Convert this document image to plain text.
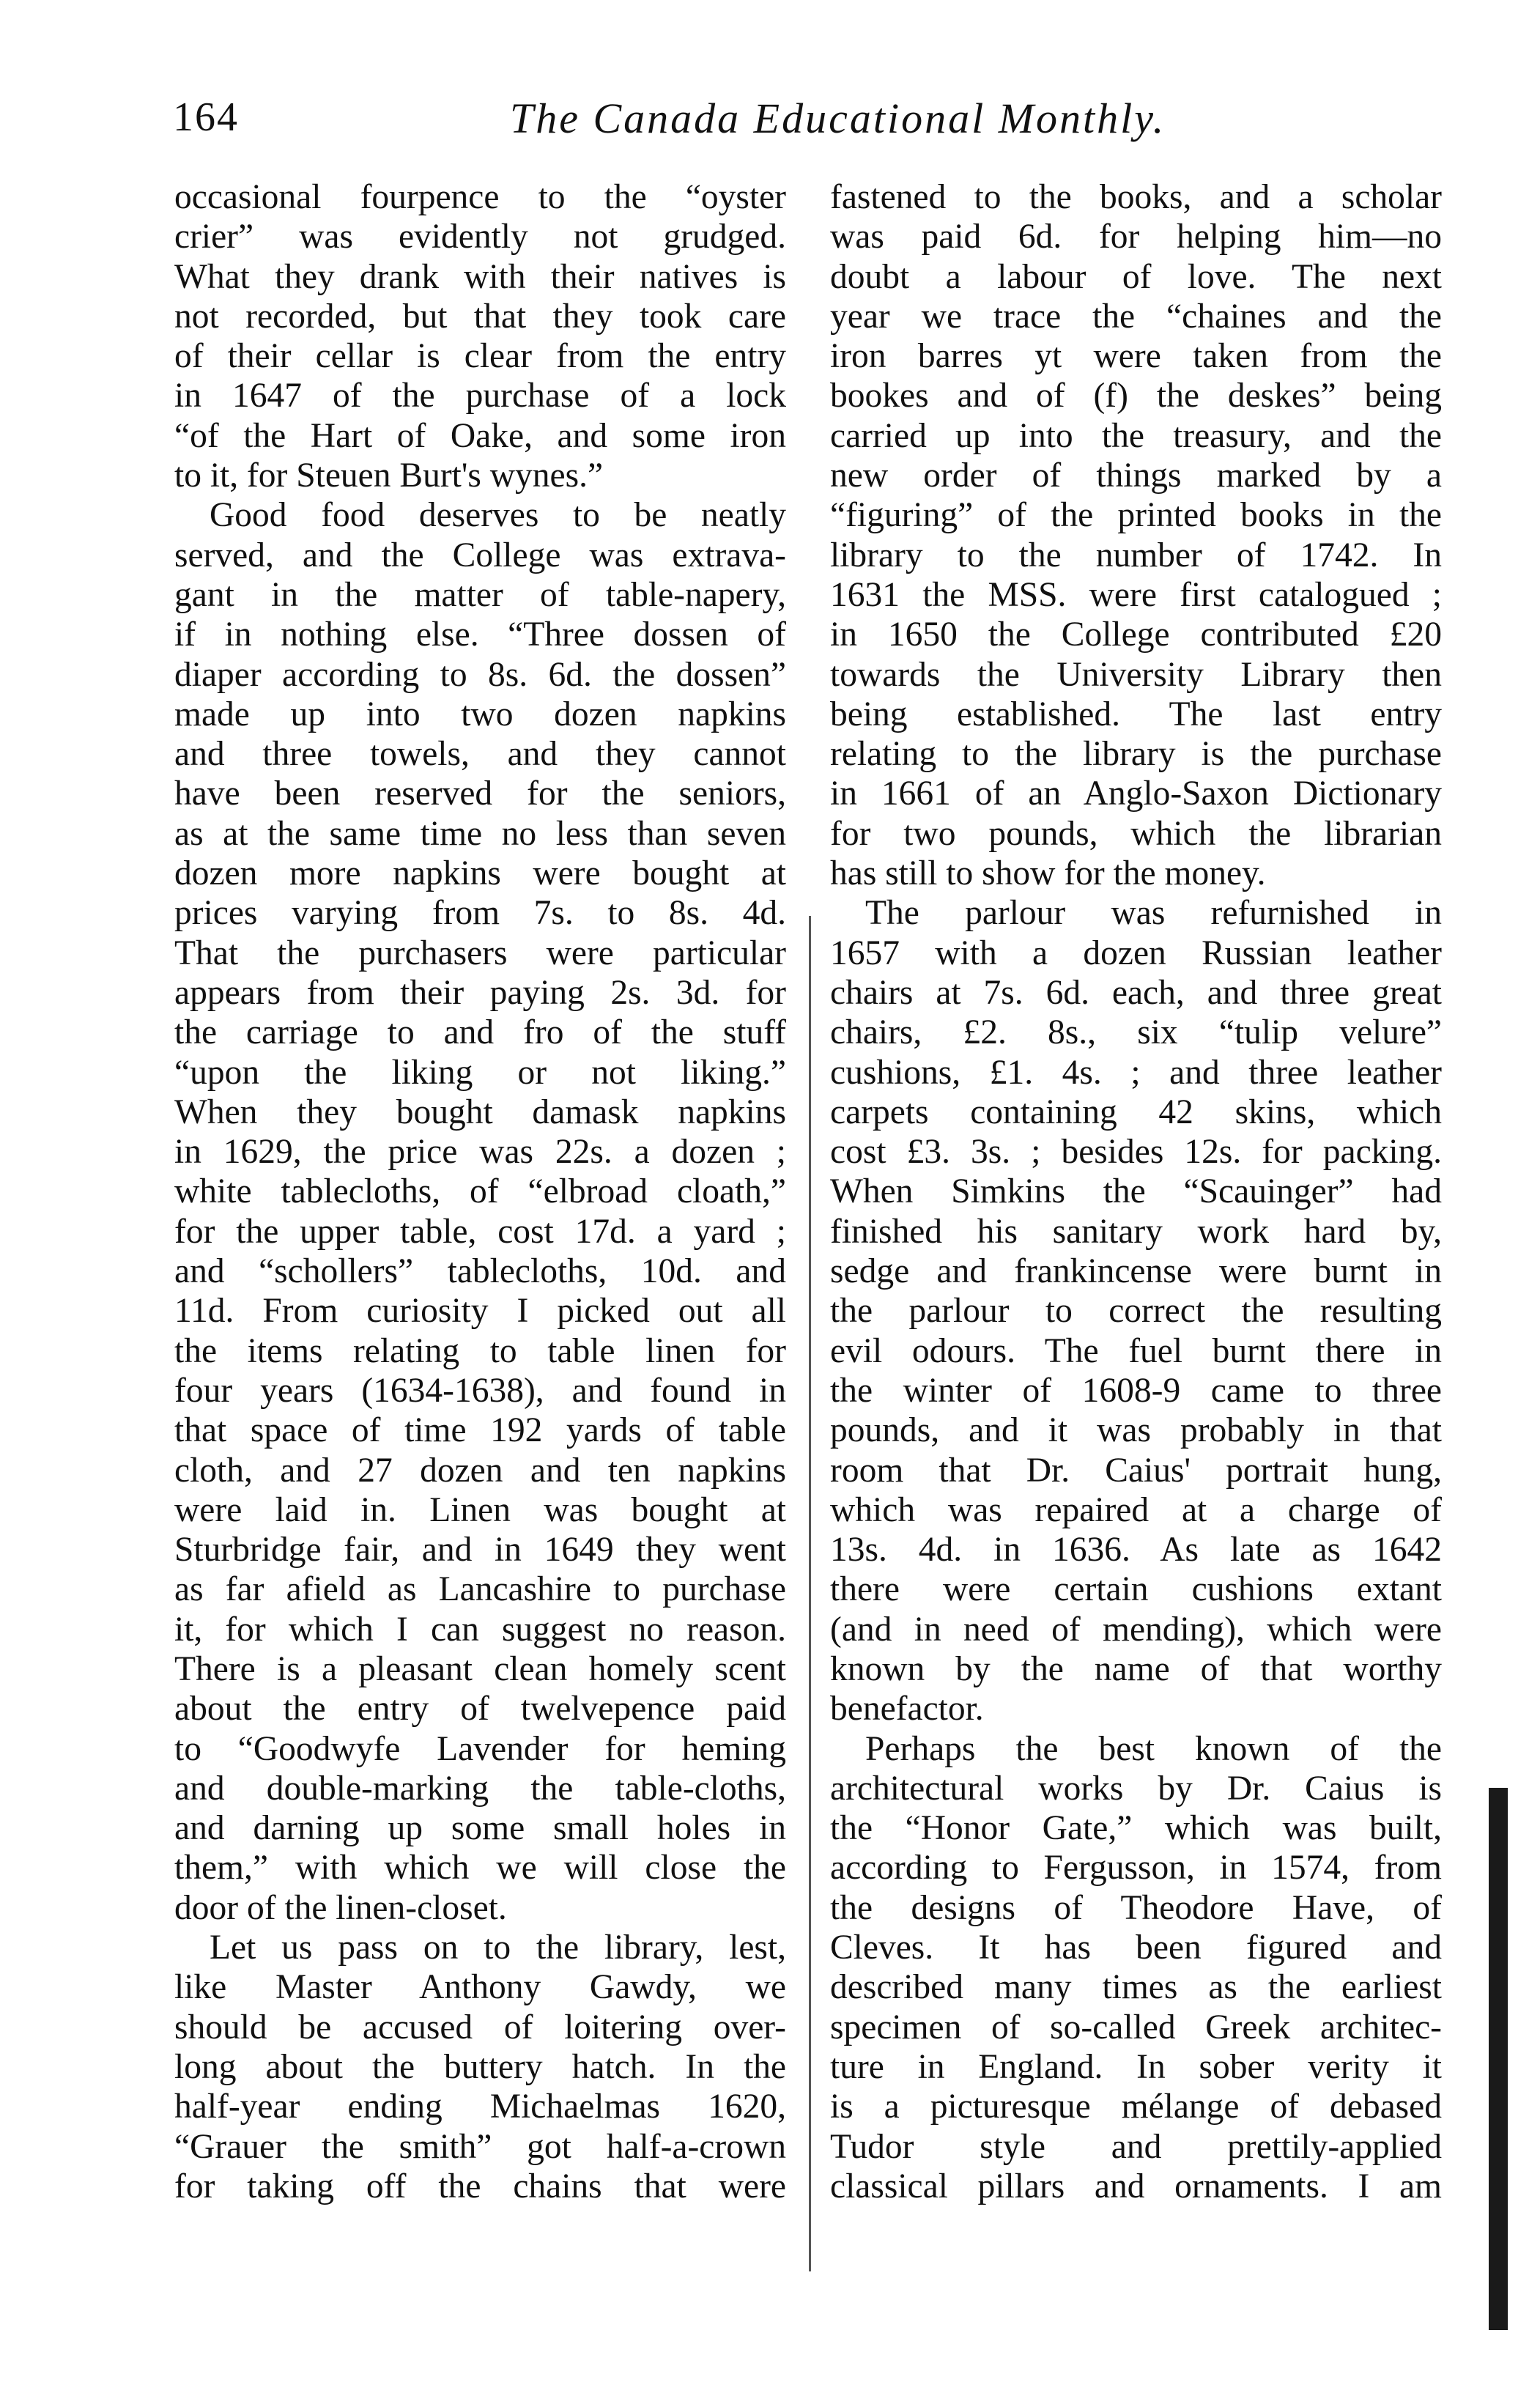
164	The Canada Educational Monthly.
occasional fourpence to the “oyster
crier” was evidently not grudged.
What they drank with their natives is
not recorded, but that they took care
of their cellar is clear from the entry
in 1647 of the purchase of a lock
“of the Hart of Oake, and some iron
to it, for Steuen Burt's wynes.”
Good food deserves to be neatly
served, and the College was extrava-
gant in the matter of table-napery,
if in nothing else. “Three dossen of
diaper according to 8s. 6d. the dossen”
made up into two dozen napkins
and three towels, and they cannot
have been reserved for the seniors,
as at the same time no less than seven
dozen more napkins were bought at
prices varying from 7s. to 8s. 4d.
That the purchasers were particular
appears from their paying 2s. 3d. for
the carriage to and fro of the stuff
“upon the liking or not liking.”
When they bought damask napkins
in 1629, the price was 22s. a dozen ;
white tablecloths, of “elbroad cloath,”
for the upper table, cost 17d. a yard ;
and “schollers” tablecloths, 10d. and
11d. From curiosity I picked out all
the items relating to table linen for
four years (1634-1638), and found in
that space of time 192 yards of table
cloth, and 27 dozen and ten napkins
were laid in. Linen was bought at
Sturbridge fair, and in 1649 they went
as far afield as Lancashire to purchase
it, for which I can suggest no reason.
There is a pleasant clean homely scent
about the entry of twelvepence paid
to “Goodwyfe Lavender for heming
and double-marking the table-cloths,
and darning up some small holes in
them,” with which we will close the
door of the linen-closet.
Let us pass on to the library, lest,
like Master Anthony Gawdy, we
should be accused of loitering over-
long about the buttery hatch. In the
half-year ending Michaelmas 1620,
“Grauer the smith” got half-a-crown
for taking off the chains that were
fastened to the books, and a scholar
was paid 6d. for helping him—no
doubt a labour of love. The next
year we trace the “chaines and the
iron barres yt were taken from the
bookes and of (f) the deskes” being
carried up into the treasury, and the
new order of things marked by a
“figuring” of the printed books in the
library to the number of 1742. In
1631 the MSS. were first catalogued ;
in 1650 the College contributed £20
towards the University Library then
being established. The last entry
relating to the library is the purchase
in 1661 of an Anglo-Saxon Dictionary
for two pounds, which the librarian
has still to show for the money.
The parlour was refurnished in
1657 with a dozen Russian leather
chairs at 7s. 6d. each, and three great
chairs, £2. 8s., six “tulip velure”
cushions, £1. 4s. ; and three leather
carpets containing 42 skins, which
cost £3. 3s. ; besides 12s. for packing.
When Simkins the “Scauinger” had
finished his sanitary work hard by,
sedge and frankincense were burnt in
the parlour to correct the resulting
evil odours. The fuel burnt there in
the winter of 1608-9 came to three
pounds, and it was probably in that
room that Dr. Caius' portrait hung,
which was repaired at a charge of
13s. 4d. in 1636. As late as 1642
there were certain cushions extant
(and in need of mending), which were
known by the name of that worthy
benefactor.
Perhaps the best known of the
architectural works by Dr. Caius is
the “Honor Gate,” which was built,
according to Fergusson, in 1574, from
the designs of Theodore Have, of
Cleves. It has been figured and
described many times as the earliest
specimen of so-called Greek architec-
ture in England. In sober verity it
is a picturesque mélange of debased
Tudor style and prettily-applied
classical pillars and ornaments. I am
